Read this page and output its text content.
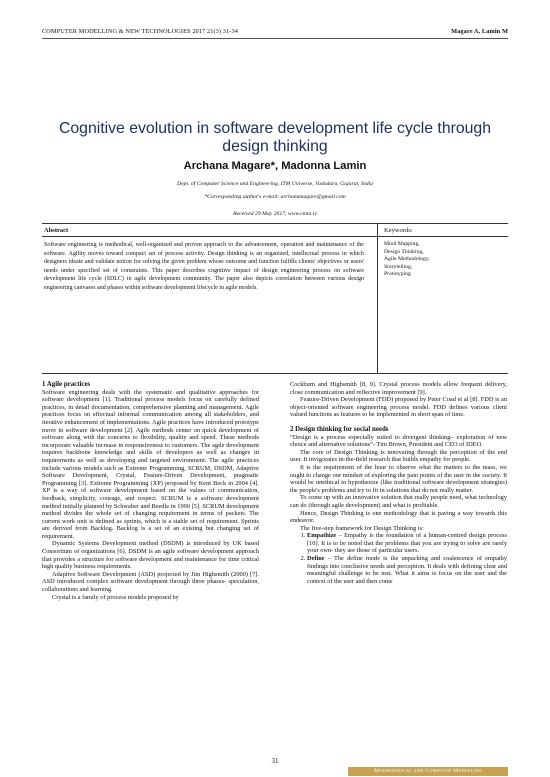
COMPUTER MODELLING & NEW TECHNOLOGIES 2017 21(3) 31-34	Magare A, Lamin M
Cognitive evolution in software development life cycle through design thinking
Archana Magare*, Madonna Lamin
Dept. of Computer Science and Engineering, ITM Universe, Vadodara, Gujarat, India
*Corresponding author's e-mail: archanamagare@gmail.com
Received 29 May 2017, www.cmnt.lv
Abstract	Keywords:
Software engineering is methodical, well-organized and proven approach to the advancement, operation and maintenance of the software. Agility moves toward compact set of process activity. Design thinking is an organized, intellectual process in which designers ideate and validate notion for solving the given problem whose outcome and function fulfills clients' objectives or users' needs under specified set of constraints. This paper describes cognitive impact of design engineering process on software development life cycle (SDLC) in agile development community. The paper also depicts correlation between various design engineering canvases and phases within software development lifecycle in agile models.
Mind Mapping,
Design Thinking,
Agile Methodology,
Storytelling,
Prototyping

1 Agile practices

Software engineering deals with the systematic and qualitative approaches for software development [1]. Traditional process models focus on carefully defined practices, in detail documentation, comprehensive planning and management. Agile practices focus on effectual informal communication among all stakeholders, and iterative enhancement of implementations. Agile practices have introduced prototype move in software development [2]. Agile methods center on quick development of software along with the concerns to flexibility, quality and speed. These methods incorporate valuable increase in responsiveness to customers. The agile development requires backbone knowledge and skills of developers as well as changes in requirements as well as developing and targeted environment. The agile practices include various models such as Extreme Programming, SCRUM, DSDM, Adaptive Software Development, Crystal, Feature-Driven Development, pragmatic Programming [3]. Extreme Programming (XP) proposed by Kent Beck in 2004 [4]. XP is a way of software development based on the values of communication, feedback, simplicity, courage, and respect. SCRUM is a software development method initially planned by Schwaber and Beedle in 1990 [5]. SCRUM development method divides the whole set of changing requirement in terms of packets. The current work unit is defined as sprints, which is a stable set of requirement. Sprints are derived from Backlog. Backlog is a set of an existing but changing set of requirement.

Dynamic Systems Development method (DSDM) is introduced by UK based Consortium of organizations [6]. DSDM is an agile software development approach that provides a structure for software development and maintenance for time critical high quality business requirements.

Adaptive Software Development (ASD) projected by Jim Highsmith (2000) [7]. ASD introduced complex software development through three phases- speculation, collaborations and learning.

Crystal is a family of process models proposed by

Cockburn and Highsmith [8, 9]. Crystal process models allow frequent delivery, close communication and reflective improvement [9].

Feature-Driven Development (FDD) proposed by Peter Coad et al [8]. FDD is an object-oriented software engineering process model. FDD defines various client valued functions as features to be implemented in short span of time.

2 Design thinking for social needs

“Design is a process especially suited to divergent thinking– exploration of new choice and alternative solutions”- Tim Brown, President and CEO of IDEO.

The core of Design Thinking is innovating through the perception of the end user. It invigorates in-the-field research that builds empathy for people.

It is the requirement of the hour to observe what the matters to the mass, we ought to change our mindset of exploring the pain points of the user in the society. It would be unethical to hypothesize (like traditional software development strategies) the people's problems and try to fit in solutions that do not really matter.

To come up with an innovative solution that really people need, what technology can do (through agile development) and what is profitable.

Hence, Design Thinking is one methodology that is paving a way towards this endeavor.

The five-step framework for Design Thinking is:

1. Empathize – Empathy is the foundation of a human-centred design process [10]. It is to be noted that the problems that you are trying to solve are rarely your own- they are those of particular users.
2. Define – The define mode is the unpacking and coalescence of empathy findings into conclusive needs and perception. It deals with defining clear and meaningful challenge to be met. What it aims is focus on the user and the context of the user and then come
31
Mathematical and Computer Modelling
